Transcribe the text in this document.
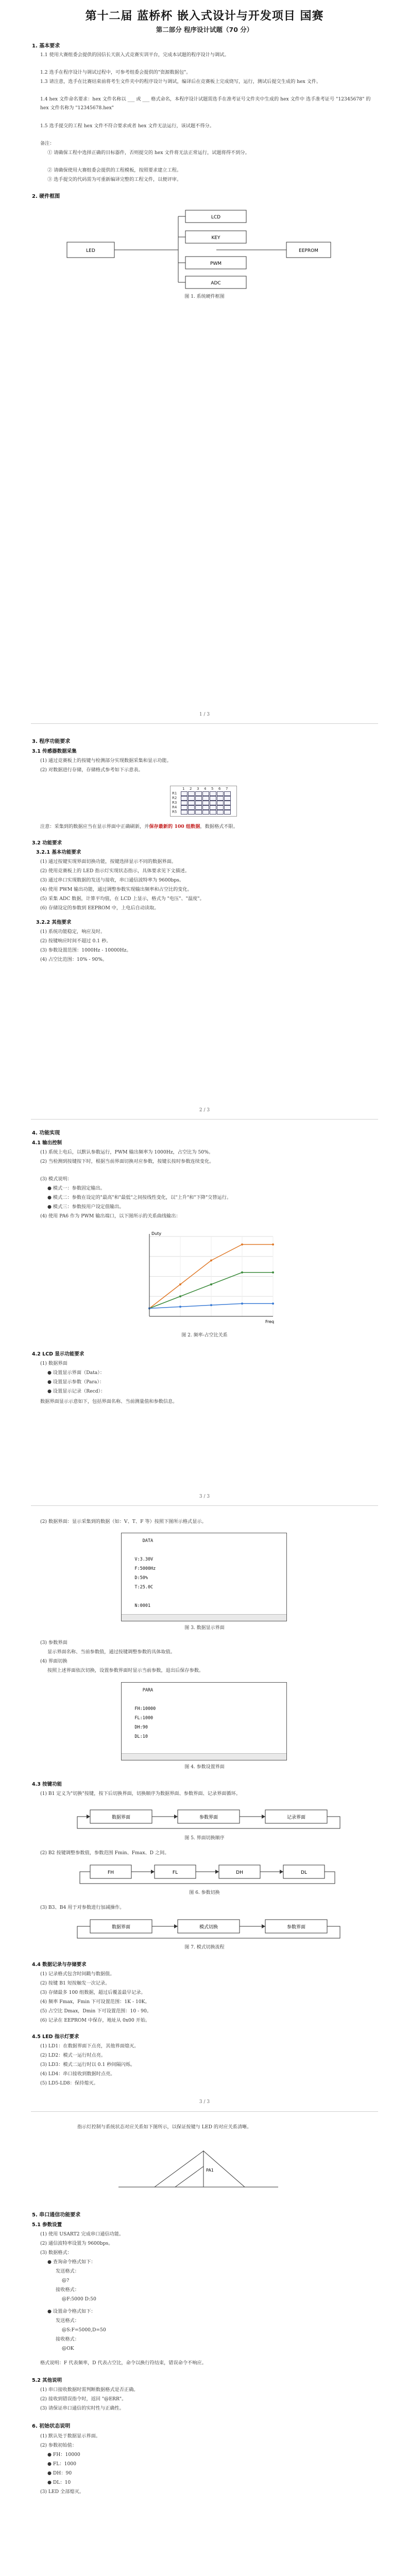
第十二届 蓝桥杯 嵌入式设计与开发项目 国赛
第二部分 程序设计试题（70 分）
1. 基本要求
1.1 使用大赛组委会提供的国信长天嵌入式竞赛实训平台，完成本试题的程序设计与调试。
1.2 选手在程序设计与调试过程中，可参考组委会提供的"资源数据包"。
1.3 请注意，选手在比赛结束前将考生文件夹中的程序设计与调试，编译后在竞赛板上完成烧写，运行，测试后提交生成的 hex 文件。
1.4 hex 文件命名要求：hex 文件名称以 ___ 或 ___ 格式命名，本程序设计试题需选手在准考证号文件夹中生成的 hex 文件中 选手准考证号 "12345678" 的 hex 文件名称为 "12345678.hex"
1.5 选手提交的工程 hex 文件不符合要求或者 hex 文件无法运行，该试题不得分。
备注：
① 请确保工程中选择正确的目标器件，否则提交的 hex 文件将无法正常运行，试题将得不到分。
② 请确保使用大赛组委会提供的工程模板，按照要求建立工程。
③ 选手提交的代码需为可重新编译完整的工程文件，以便评审。
2. 硬件框图
LED
LCD
KEY
PWM
ADC
EEPROM
图 1. 系统硬件框图
1 / 3
3. 程序功能要求
3.1 传感器数据采集
(1) 通过竞赛板上的按键与检测部分实现数据采集和显示功能。
(2) 对数据进行存储，存储格式参考如下示意表。
1 2 3 4 5 6 7
R1
R2
R3
R4
R5
注意：采集到的数据应当在显示界面中正确刷新，并保存最新的 100 组数据，数据格式不限。
3.2 功能要求
3.2.1 基本功能要求
(1) 通过按键实现界面切换功能，按键选择显示不同的数据界面。
(2) 使用竞赛板上的 LED 指示灯实现状态指示，具体要求见下文描述。
(3) 通过串口实现数据的发送与接收，串口通信波特率为 9600bps。
(4) 使用 PWM 输出功能，通过调整参数实现输出频率和占空比的变化。
(5) 采集 ADC 数据，计算平均值，在 LCD 上显示，格式为 "电压"、"温度"。
(6) 存储设定的参数到 EEPROM 中，上电后自动读取。
3.2.2 其他要求
(1) 系统功能稳定，响应及时。
(2) 按键响应时间不超过 0.1 秒。
(3) 参数设置范围：1000Hz - 10000Hz。
(4) 占空比范围：10% - 90%。
2 / 3
4. 功能实现
4.1 输出控制
(1) 系统上电后，以默认参数运行，PWM 输出频率为 1000Hz，占空比为 50%。
(2) 当检测到按键按下时，根据当前界面切换对应参数，按键长按时参数连续变化。
(3) 模式说明：
● 模式一：参数固定输出。
● 模式二：参数在设定的"最高"和"最低"之间按线性变化，以"上升"和"下降"交替运行。
● 模式三：参数按用户设定值输出。
(4) 使用 PA6 作为 PWM 输出端口，以下图所示的关系曲线输出：
Duty
Freq
图 2. 频率-占空比关系
4.2 LCD 显示功能要求
(1) 数据界面
● 设置显示界面（Data）：
● 设置显示参数（Para）：
● 设置显示记录（Recd）：
数据界面显示示意如下，包括界面名称、当前测量值和参数信息。
3 / 3
(2) 数据界面：显示采集到的数据（如：V、T、F 等）按照下图所示格式显示。
DATA
V:3.30V
F:5000Hz
D:50%
T:25.0C
N:0001
图 3. 数据显示界面
(3) 参数界面
显示界面名称、当前参数值，通过按键调整参数的具体取值。
(4) 界面切换
按照上述界面依次切换，设置参数界面时显示当前参数，退出后保存参数。
PARA
FH:10000
FL:1000
DH:90
DL:10
图 4. 参数设置界面
4.3 按键功能
(1) B1 定义为"切换"按键，按下后切换界面，切换顺序为数据界面、参数界面、记录界面循环。
数据界面	参数界面	记录界面
图 5. 界面切换顺序
(2) B2 按键调整参数值，参数范围 Fmin、Fmax、D 之间。
FH	FL	DH	DL
图 6. 参数切换
(3) B3、B4 用于对参数进行加减操作。
数据界面	模式切换	参数界面
图 7. 模式切换流程
4.4 数据记录与存储要求
(1) 记录格式包含时间戳与数据值。
(2) 按键 B1 短按触发一次记录。
(3) 存储最多 100 组数据，超过后覆盖最早记录。
(4) 频率 Fmax，Fmin 下可设置范围：1K - 10K。
(5) 占空比 Dmax，Dmin 下可设置范围：10 - 90。
(6) 记录在 EEPROM 中保存，地址从 0x00 开始。
4.5 LED 指示灯要求
(1) LD1：在数据界面下点亮，其他界面熄灭。
(2) LD2：模式一运行时点亮。
(3) LD3：模式二运行时以 0.1 秒间隔闪烁。
(4) LD4：串口接收到数据时点亮。
(5) LD5-LD8：保持熄灭。
3 / 3
指示灯控制与系统状态对应关系如下图所示，以保证按键与 LED 的对应关系清晰。
PA1
5. 串口通信功能要求
5.1 参数设置
(1) 使用 USART2 完成串口通信功能。
(2) 通信波特率设置为 9600bps。
(3) 数据格式：
● 查询命令格式如下：
发送格式：
@?
接收格式：
@F:5000 D:50
● 设置命令格式如下：
发送格式：
@S:F=5000,D=50
接收格式：
@OK
格式说明：F 代表频率，D 代表占空比，命令以换行符结束，错误命令不响应。
5.2 其他说明
(1) 串口接收数据时需判断数据格式是否正确。
(2) 接收到错误指令时，返回 "@ERR"。
(3) 请保证串口通信的实时性与正确性。
6. 初始状态说明
(1) 默认处于数据显示界面。
(2) 参数初始值：
● FH：10000
● FL：1000
● DH：90
● DL：10
(3) LED 全部熄灭。
